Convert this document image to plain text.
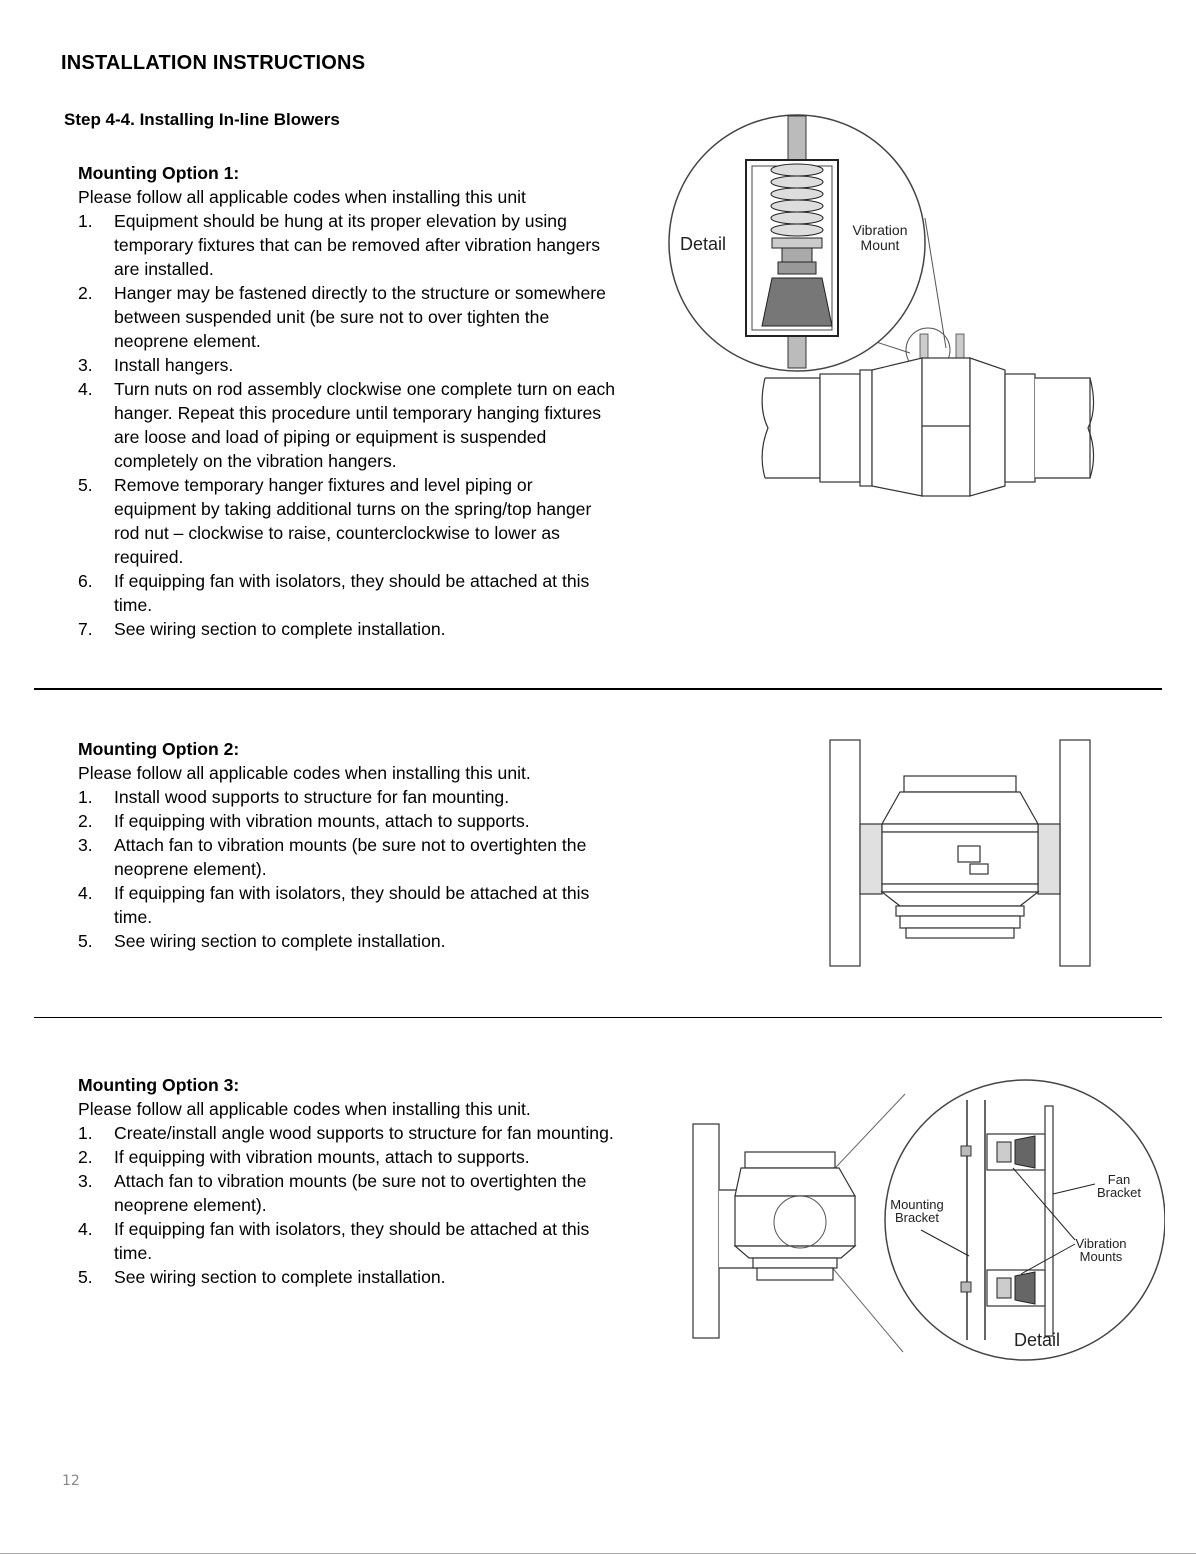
INSTALLATION INSTRUCTIONS
Step 4-4. Installing In-line Blowers
Mounting Option 1:
Please follow all applicable codes when installing this unit
1. Equipment should be hung at its proper elevation by using temporary fixtures that can be removed after vibration hangers are installed.
2. Hanger may be fastened directly to the structure or somewhere between suspended unit (be sure not to over tighten the neoprene element.
3. Install hangers.
4. Turn nuts on rod assembly clockwise one complete turn on each hanger. Repeat this procedure until temporary hanging fixtures are loose and load of piping or equipment is suspended completely on the vibration hangers.
5. Remove temporary hanger fixtures and level piping or equipment by taking additional turns on the spring/top hanger rod nut – clockwise to raise, counterclockwise to lower as required.
6. If equipping fan with isolators, they should be attached at this time.
7. See wiring section to complete installation.
Detail
Vibration
Mount
Mounting Option 2:
Please follow all applicable codes when installing this unit.
1. Install wood supports to structure for fan mounting.
2. If equipping with vibration mounts, attach to supports.
3. Attach fan to vibration mounts (be sure not to overtighten the neoprene element).
4. If equipping fan with isolators, they should be attached at this time.
5. See wiring section to complete installation.
Mounting Option 3:
Please follow all applicable codes when installing this unit.
1. Create/install angle wood supports to structure for fan mounting.
2. If equipping with vibration mounts, attach to supports.
3. Attach fan to vibration mounts (be sure not to overtighten the neoprene element).
4. If equipping fan with isolators, they should be attached at this time.
5. See wiring section to complete installation.
Fan
Bracket
Mounting
Bracket
Vibration
Mounts
Detail
12
